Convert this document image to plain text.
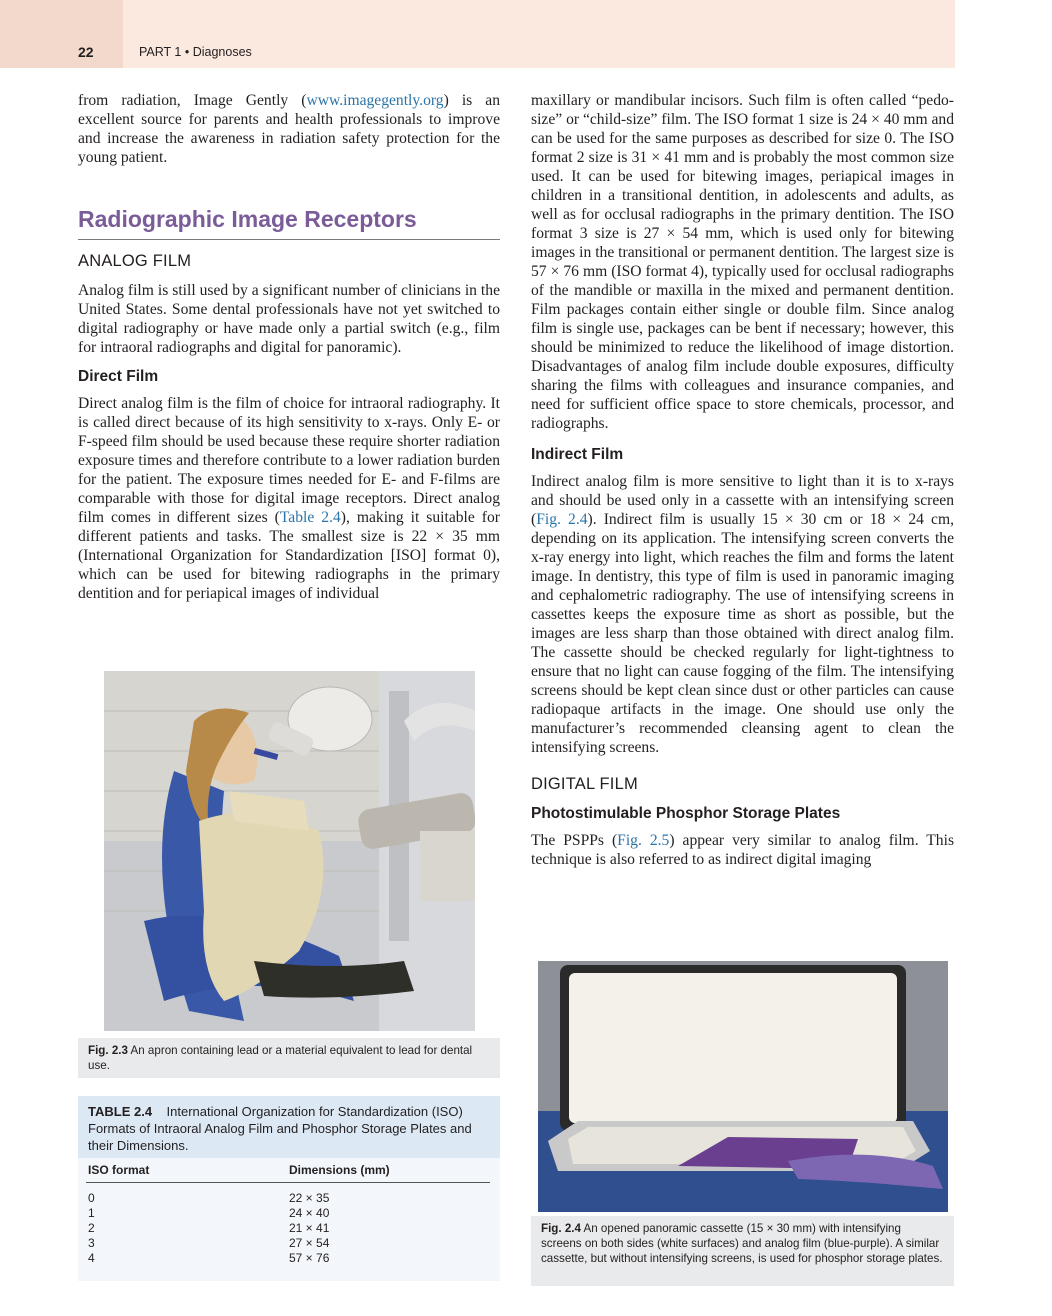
22	PART 1 • Diagnoses

from radiation, Image Gently (www.imagegently.org) is an excellent source for parents and health professionals to improve and increase the awareness in radiation safety protection for the young patient.

Radiographic Image Receptors
ANALOG FILM

Analog film is still used by a significant number of clinicians in the United States. Some dental professionals have not yet switched to digital radiography or have made only a partial switch (e.g., film for intraoral radiographs and digital for panoramic).

Direct Film

Direct analog film is the film of choice for intraoral radiography. It is called direct because of its high sensitivity to x-rays. Only E- or F-speed film should be used because these require shorter radiation exposure times and therefore contribute to a lower radiation burden for the patient. The exposure times needed for E- and F-films are comparable with those for digital image receptors. Direct analog film comes in different sizes (Table 2.4), making it suitable for different patients and tasks. The smallest size is 22 × 35 mm (International Organization for Standardization [ISO] format 0), which can be used for bitewing radiographs in the primary dentition and for periapical images of individual

maxillary or mandibular incisors. Such film is often called “pedo-size” or “child-size” film. The ISO format 1 size is 24 × 40 mm and can be used for the same purposes as described for size 0. The ISO format 2 size is 31 × 41 mm and is probably the most common size used. It can be used for bitewing images, periapical images in children in a transitional dentition, in adolescents and adults, as well as for occlusal radiographs in the primary dentition. The ISO format 3 size is 27 × 54 mm, which is used only for bitewing images in the transitional or permanent dentition. The largest size is 57 × 76 mm (ISO format 4), typically used for occlusal radiographs of the mandible or maxilla in the mixed and permanent dentition. Film packages contain either single or double film. Since analog film is single use, packages can be bent if necessary; however, this should be minimized to reduce the likelihood of image distortion. Disadvantages of analog film include double exposures, difficulty sharing the films with colleagues and insurance companies, and need for sufficient office space to store chemicals, processor, and radiographs.

Indirect Film

Indirect analog film is more sensitive to light than it is to x-rays and should be used only in a cassette with an intensifying screen (Fig. 2.4). Indirect film is usually 15 × 30 cm or 18 × 24 cm, depending on its application. The intensifying screen converts the x-ray energy into light, which reaches the film and forms the latent image. In dentistry, this type of film is used in panoramic imaging and cephalometric radiography. The use of intensifying screens in cassettes keeps the exposure time as short as possible, but the images are less sharp than those obtained with direct analog film. The cassette should be checked regularly for light-tightness to ensure that no light can cause fogging of the film. The intensifying screens should be kept clean since dust or other particles can cause radiopaque artifacts in the image. One should use only the manufacturer’s recommended cleansing agent to clean the intensifying screens.

DIGITAL FILM
Photostimulable Phosphor Storage Plates

The PSPPs (Fig. 2.5) appear very similar to analog film. This technique is also referred to as indirect digital imaging

Fig. 2.3 An apron containing lead or a material equivalent to lead for dental use.
TABLE 2.4 International Organization for Standardization (ISO) Formats of Intraoral Analog Film and Phosphor Storage Plates and their Dimensions.
ISO format	Dimensions (mm)
0	22 × 35
1	24 × 40
2	21 × 41
3	27 × 54
4	57 × 76
Fig. 2.4 An opened panoramic cassette (15 × 30 mm) with intensifying screens on both sides (white surfaces) and analog film (blue-purple). A similar cassette, but without intensifying screens, is used for phosphor storage plates.
